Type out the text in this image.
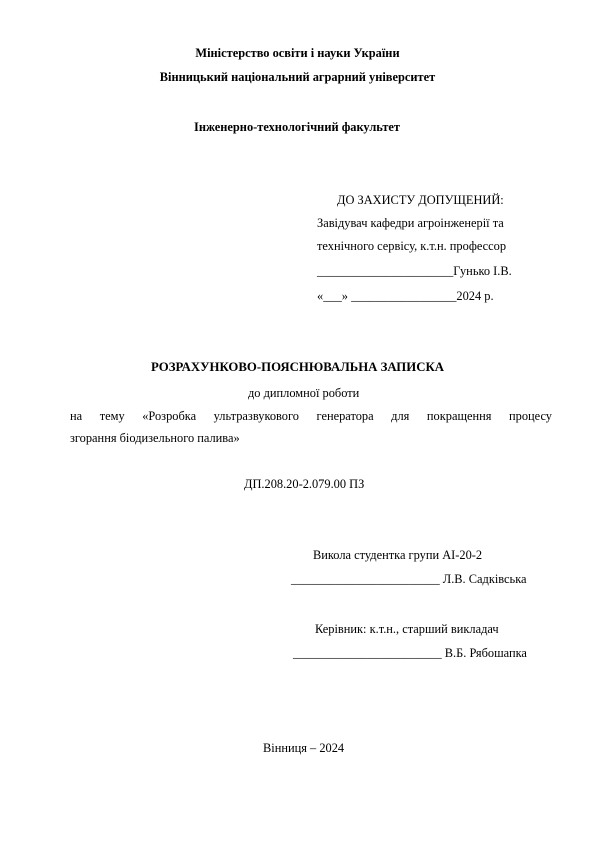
Міністерство освіти і науки України
Вінницький національний аграрний університет
Інженерно-технологічний факультет
ДО ЗАХИСТУ ДОПУЩЕНИЙ:
Завідувач кафедри агроінженерії та
технічного сервісу, к.т.н. профессор
______________________Гунько І.В.
«___» _________________2024 р.
РОЗРАХУНКОВО-ПОЯСНЮВАЛЬНА ЗАПИСКА
до дипломної роботи
на тему «Розробка ультразвукового генератора для покращення процесу
згорання біодизельного палива»
ДП.208.20-2.079.00 ПЗ
Викола студентка групи АІ-20-2
________________________ Л.В. Садківська
Керівник: к.т.н., старший викладач
________________________ В.Б. Рябошапка
Вінниця – 2024
